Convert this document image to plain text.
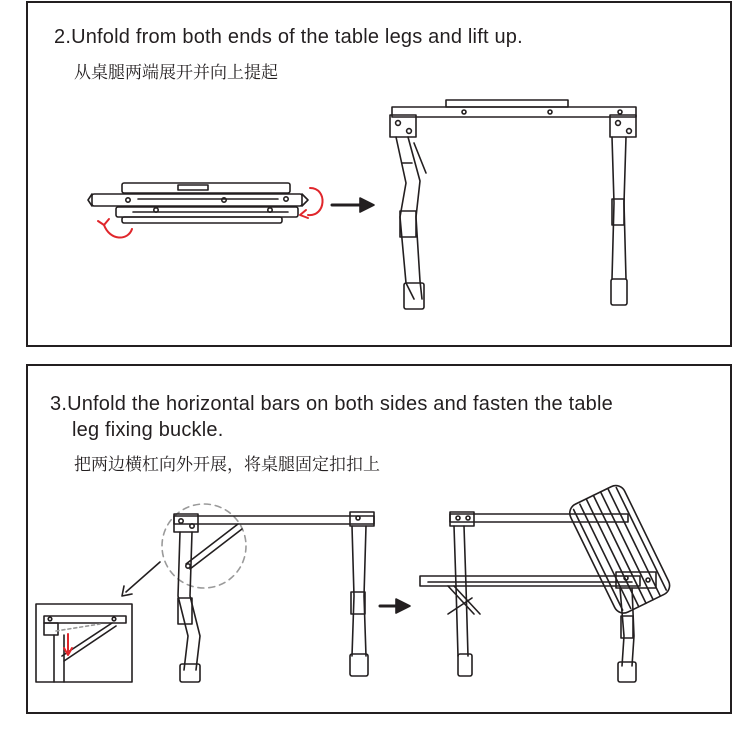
2.Unfold from both ends of the table legs and lift up.
从桌腿两端展开并向上提起
3.Unfold the horizontal bars on both sides and fasten the table
leg fixing buckle.
把两边横杠向外开展，将桌腿固定扣扣上
